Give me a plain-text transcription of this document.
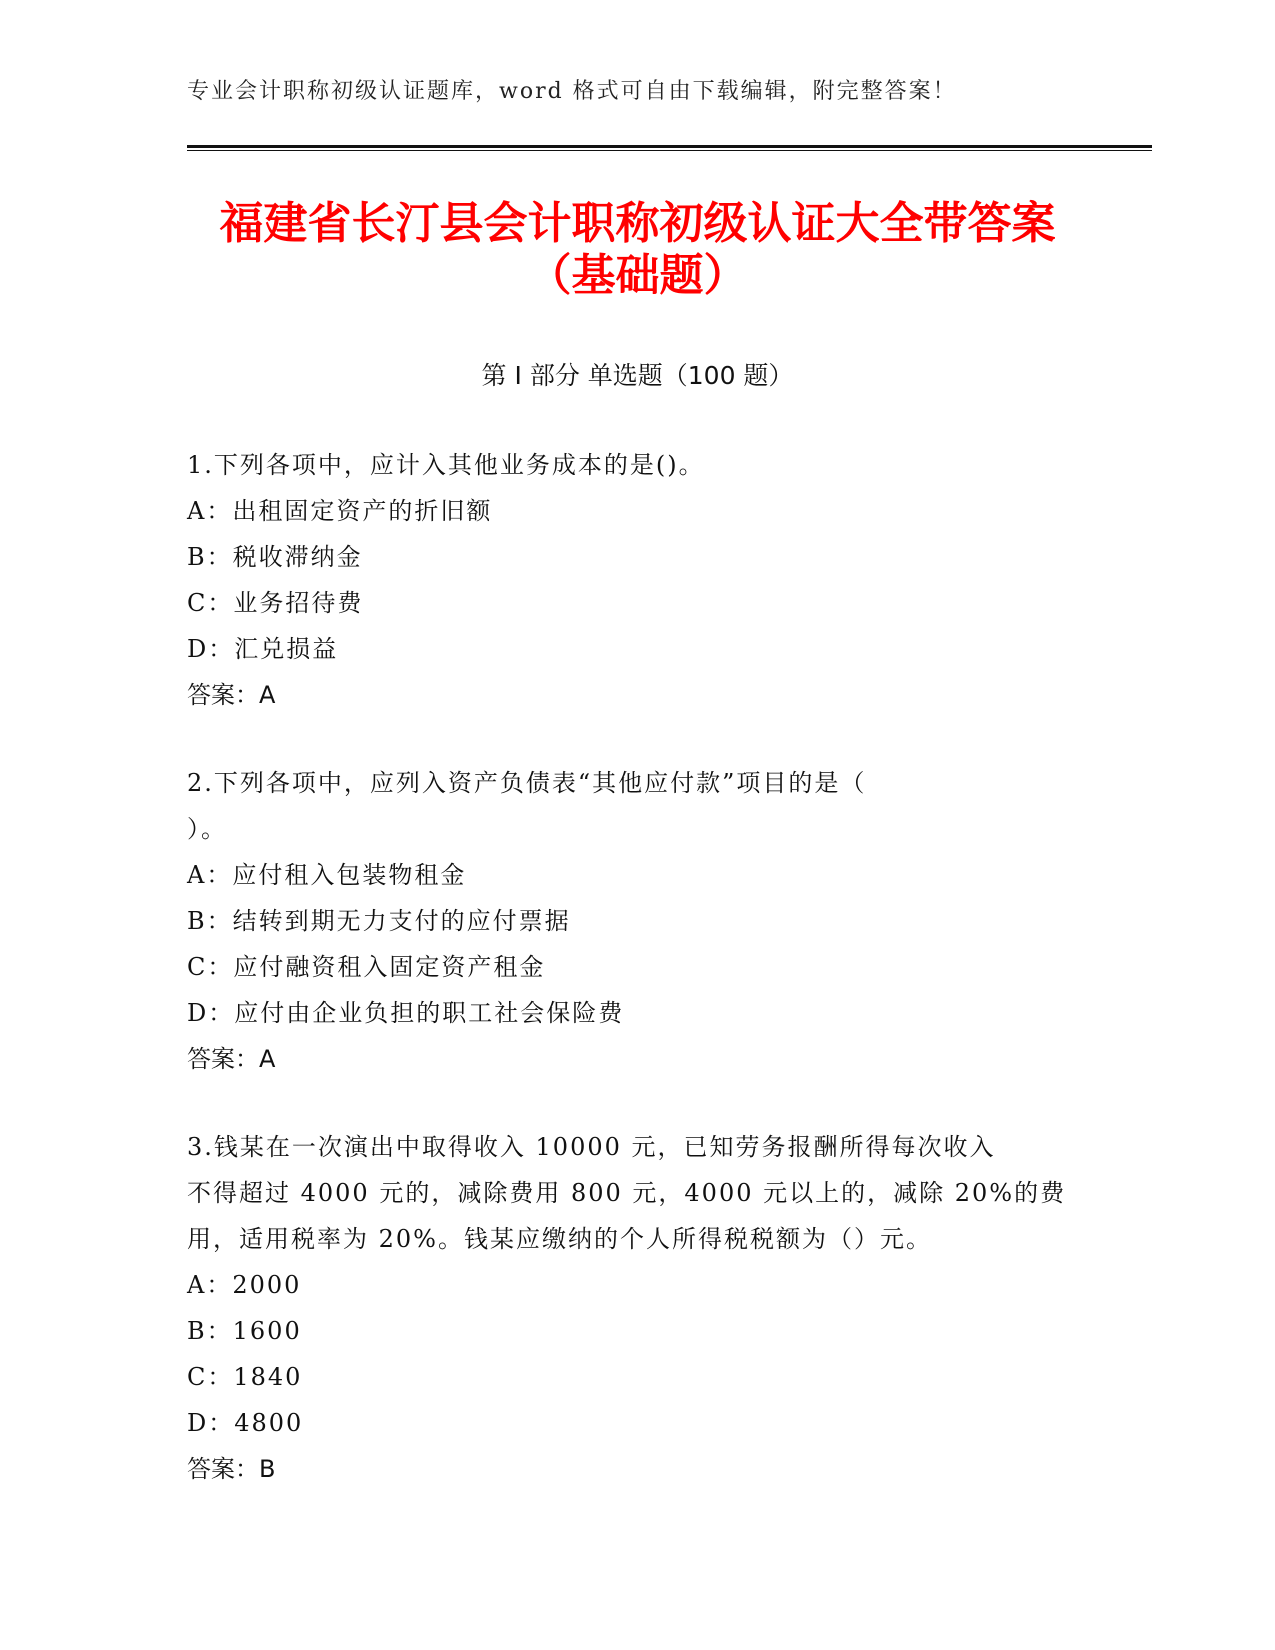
专业会计职称初级认证题库，word 格式可自由下载编辑，附完整答案！
福建省长汀县会计职称初级认证大全带答案
（基础题）
第 I 部分 单选题（100 题）
1.下列各项中，应计入其他业务成本的是()。
A：出租固定资产的折旧额
B：税收滞纳金
C：业务招待费
D：汇兑损益
答案：A
2.下列各项中，应列入资产负债表“其他应付款”项目的是（
）。
A：应付租入包装物租金
B：结转到期无力支付的应付票据
C：应付融资租入固定资产租金
D：应付由企业负担的职工社会保险费
答案：A
3.钱某在一次演出中取得收入 10000 元，已知劳务报酬所得每次收入
不得超过 4000 元的，减除费用 800 元，4000 元以上的，减除 20%的费
用，适用税率为 20%。钱某应缴纳的个人所得税税额为（）元。
A：2000
B：1600
C：1840
D：4800
答案：B
